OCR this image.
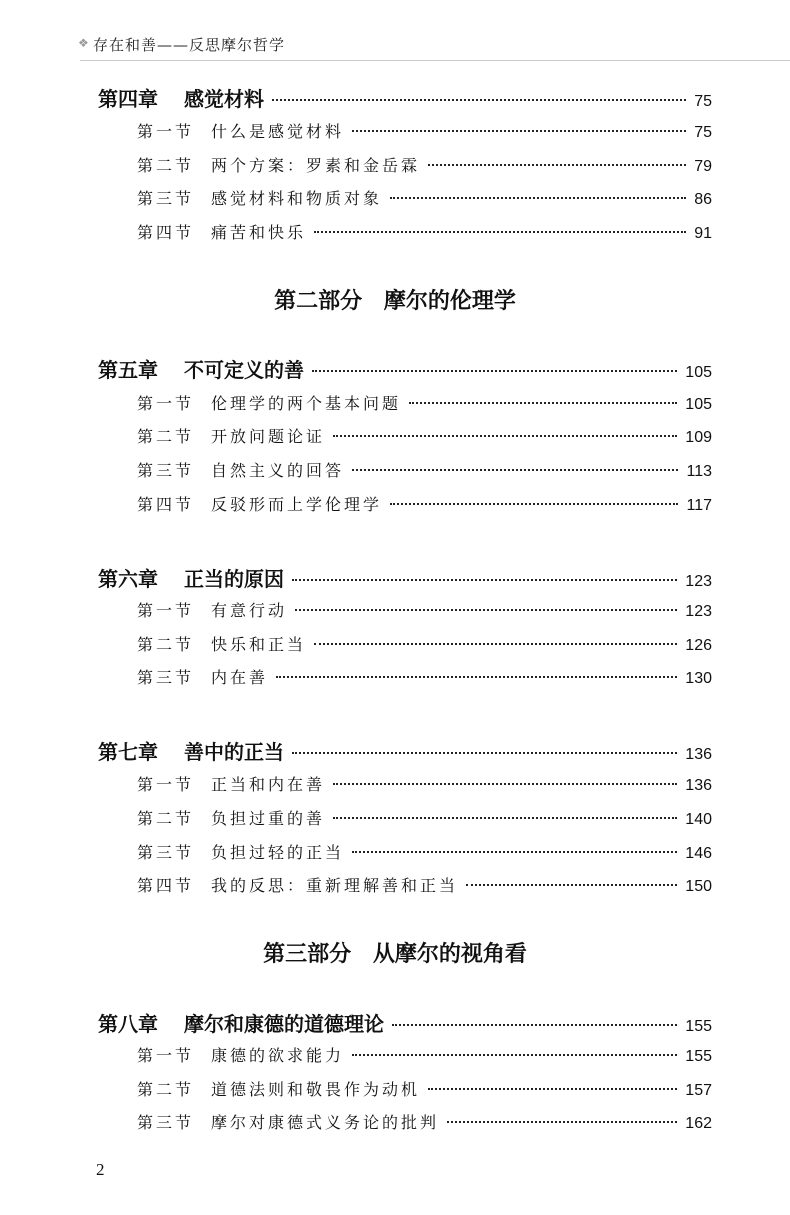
❖ 存在和善——反思摩尔哲学
第四章	感觉材料	75
第一节	什么是感觉材料	75
第二节	两个方案：罗素和金岳霖	79
第三节	感觉材料和物质对象	86
第四节	痛苦和快乐	91
第二部分 摩尔的伦理学
第五章	不可定义的善	105
第一节	伦理学的两个基本问题	105
第二节	开放问题论证	109
第三节	自然主义的回答	113
第四节	反驳形而上学伦理学	117
第六章	正当的原因	123
第一节	有意行动	123
第二节	快乐和正当	126
第三节	内在善	130
第七章	善中的正当	136
第一节	正当和内在善	136
第二节	负担过重的善	140
第三节	负担过轻的正当	146
第四节	我的反思：重新理解善和正当	150
第三部分 从摩尔的视角看
第八章	摩尔和康德的道德理论	155
第一节	康德的欲求能力	155
第二节	道德法则和敬畏作为动机	157
第三节	摩尔对康德式义务论的批判	162
2
